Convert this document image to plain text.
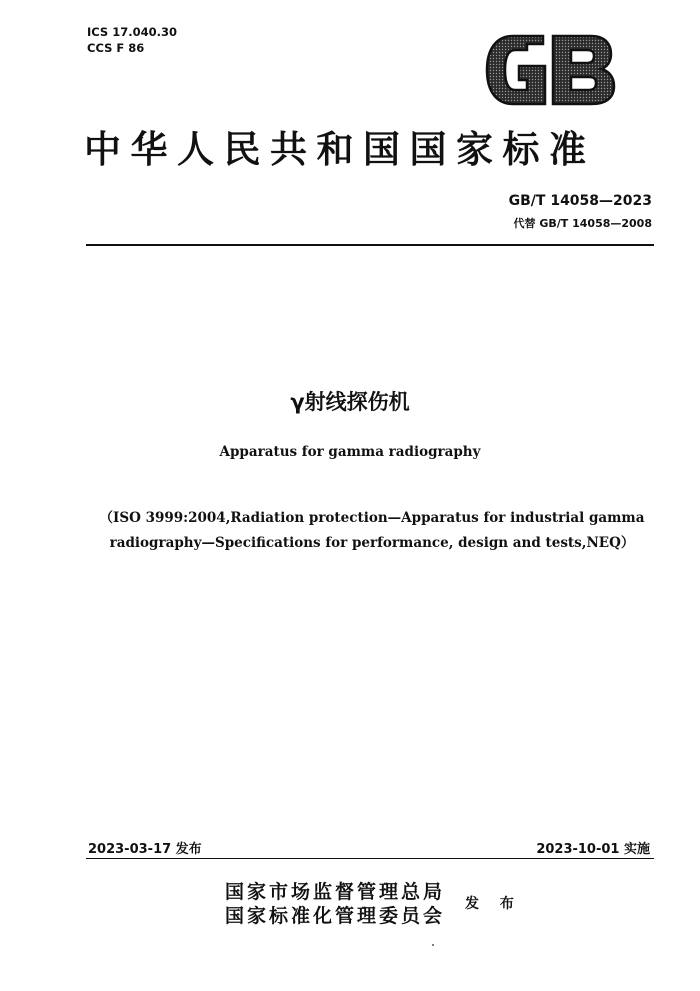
ICS 17.040.30
CCS F 86
中华人民共和国国家标准
GB/T 14058—2023
代替 GB/T 14058—2008
γ射线探伤机
Apparatus for gamma radiography
（ISO 3999:2004,Radiation protection—Apparatus for industrial gamma
radiography—Specifications for performance, design and tests,NEQ）
2023-03-17 发布	2023-10-01 实施
国家市场监督管理总局
国家标准化管理委员会
发 布
